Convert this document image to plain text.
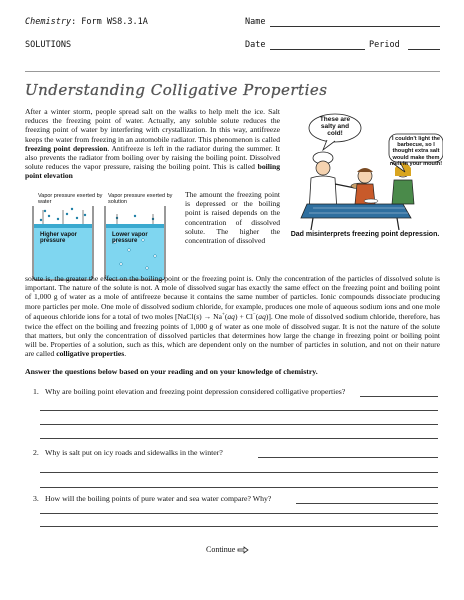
Chemistry: Form WS8.3.1A	Name
SOLUTIONS	Date	Period
Understanding Colligative Properties
Vapor pressure exerted by water
Vapor pressure exerted by solution
Higher vapor pressure
Lower vapor pressure
These are salty and cold!
I couldn't light the barbecue, so I thought extra salt would make them melt in your mouth!
Dad misinterprets freezing point depression.
After a winter storm, people spread salt on the walks to help melt the ice. Salt reduces the freezing point of water. Actually, any soluble solute reduces the freezing point of water by interfering with crystallization. In this way, antifreeze keeps the water from freezing in an automobile radiator. This phenomenon is called freezing point depression. Antifreeze is left in the radiator during the summer. It also prevents the radiator from boiling over by raising the boiling point. Dissolved solute reduces the vapor pressure, raising the boiling point. This is called boiling point elevation
The amount the freezing point is depressed or the boiling point is raised depends on the concentration of dissolved solute. The higher the concentration of dissolved
solute is, the greater the effect on the boiling point or the freezing point is. Only the concentration of the particles of dissolved solute is important. The nature of the solute is not. A mole of dissolved sugar has exactly the same effect on the freezing point and boiling point of 1,000 g of water as a mole of antifreeze because it contains the same number of particles. Ionic compounds dissociate producing more particles per mole. One mole of dissolved sodium chloride, for example, produces one mole of aqueous sodium ions and one mole of aqueous chloride ions for a total of two moles [NaCl(s) → Na+(aq) + Cl−(aq)]. One mole of dissolved sodium chloride, therefore, has twice the effect on the boiling and freezing points of 1,000 g of water as one mole of dissolved sugar. It is not the nature of the solute that matters, but only the concentration of dissolved particles that determines how large the change in freezing point or boiling point will be. Properties of a solution, such as this, which are dependent only on the number of particles in solution, and not on their nature are called colligative properties.
Answer the questions below based on your reading and on your knowledge of chemistry.
1. Why are boiling point elevation and freezing point depression considered colligative properties?
2. Why is salt put on icy roads and sidewalks in the winter?
3. How will the boiling points of pure water and sea water compare? Why?
Continue
